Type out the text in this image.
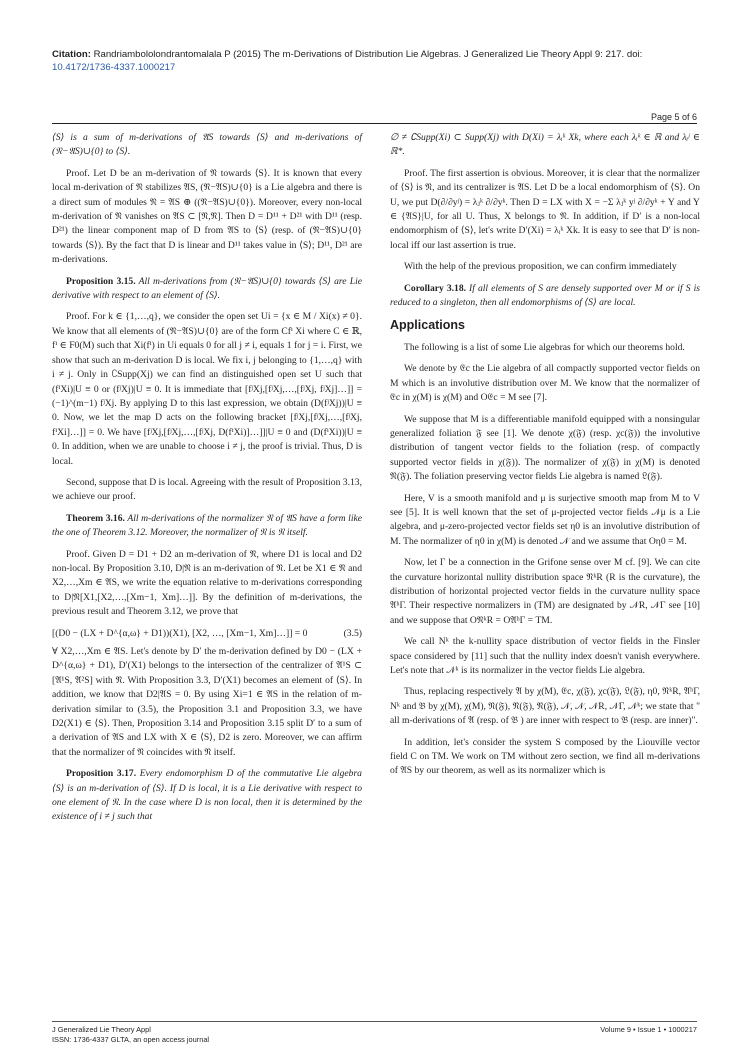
Citation: Randriambololondrantomalala P (2015) The m-Derivations of Distribution Lie Algebras. J Generalized Lie Theory Appl 9: 217. doi: 10.4172/1736-4337.1000217
Page 5 of 6

⟨S⟩ is a sum of m-derivations of 𝔄S towards ⟨S⟩ and m-derivations of (𝔑−𝔄S)∪{0} to ⟨S⟩.

Proof. Let D be an m-derivation of 𝔑 towards ⟨S⟩. It is known that every local m-derivation of 𝔑 stabilizes 𝔄S, (𝔑−𝔄S)∪{0} is a Lie algebra and there is a direct sum of modules 𝔑 = 𝔄S ⊕ ((𝔑−𝔄S)∪{0}). Moreover, every non-local m-derivation of 𝔑 vanishes on 𝔄S ⊂ [𝔑,𝔑]. Then D = D¹¹ + D²¹ with D¹¹ (resp. D²¹) the linear component map of D from 𝔄S to ⟨S⟩ (resp. of (𝔑−𝔄S)∪{0} towards ⟨S⟩). By the fact that D is linear and D¹¹ takes value in ⟨S⟩; D¹¹, D²¹ are m-derivations.

Proposition 3.15. All m-derivations from (𝔑−𝔄S)∪{0} towards ⟨S⟩ are Lie derivative with respect to an element of ⟨S⟩.

Proof. For k ∈ {1,…,q}, we consider the open set Ui = {x ∈ M / Xi(x) ≠ 0}. We know that all elements of (𝔑−𝔄S)∪{0} are of the form Cfⁱ Xi where C ∈ ℝ, fⁱ ∈ F0(M) such that Xi(fⁱ) in Ui equals 0 for all j ≠ i, equals 1 for j = i. First, we show that such an m-derivation D is local. We fix i, j belonging to {1,…,q} with i ≠ j. Only in ∁Supp(Xj) we can find an distinguished open set U such that (fⁱXi)|U ≡ 0 or (fʲXj)|U ≡ 0. It is immediate that [fʲXj,[fʲXj,…,[fʲXj, fʲXj]…]] = (−1)^(m−1) fʲXj. By applying D to this last expression, we obtain (D(fʲXj))|U ≡ 0. Now, we let the map D acts on the following bracket [fʲXj,[fʲXj,…,[fʲXj, fⁱXi]…]] = 0. We have [fʲXj,[fʲXj,…,[fʲXj, D(fⁱXi)]…]]|U ≡ 0 and (D(fⁱXi))|U ≡ 0. In addition, when we are unable to choose i ≠ j, the proof is trivial. Thus, D is local.

Second, suppose that D is local. Agreeing with the result of Proposition 3.13, we achieve our proof.

Theorem 3.16. All m-derivations of the normalizer 𝔑 of 𝔄S have a form like the one of Theorem 3.12. Moreover, the normalizer of 𝔑 is 𝔑 itself.

Proof. Given D = D1 + D2 an m-derivation of 𝔑, where D1 is local and D2 non-local. By Proposition 3.10, D|𝔑 is an m-derivation of 𝔑. Let be X1 ∈ 𝔑 and X2,…,Xm ∈ 𝔄S, we write the equation relative to m-derivations corresponding to D|𝔑[X1,[X2,…,[Xm−1, Xm]…]]. By the definition of m-derivations, the previous result and Theorem 3.12, we prove that

[(D0 − (LX + D^{α,ω} + D1))(X1), [X2, …, [Xm−1, Xm]…]] = 0	(3.5)

∀ X2,…,Xm ∈ 𝔄S. Let's denote by D′ the m-derivation defined by D0 − (LX + D^{α,ω} + D1), D′(X1) belongs to the intersection of the centralizer of 𝔄¹S ⊂ [𝔄¹S, 𝔄²S] with 𝔑. With Proposition 3.3, D′(X1) becomes an element of ⟨S⟩. In addition, we know that D2|𝔄S = 0. By using Xi=1 ∈ 𝔄S in the relation of m-derivation similar to (3.5), the Proposition 3.1 and Proposition 3.3, we have D2(X1) ∈ ⟨S⟩. Then, Proposition 3.14 and Proposition 3.15 split D′ to a sum of a derivation of 𝔄S and LX with X ∈ ⟨S⟩, D2 is zero. Moreover, we can affirm that the normalizer of 𝔑 coincides with 𝔑 itself.

Proposition 3.17. Every endomorphism D of the commutative Lie algebra ⟨S⟩ is an m-derivation of ⟨S⟩. If D is local, it is a Lie derivative with respect to one element of 𝔑. In the case where D is non local, then it is determined by the existence of i ≠ j such that

∅ ≠ ∁Supp(Xi) ⊂ Supp(Xj) with D(Xi) = λᵢᵏ Xk, where each λᵢᵏ ∈ ℝ and λᵢʲ ∈ ℝ*.

Proof. The first assertion is obvious. Moreover, it is clear that the normalizer of ⟨S⟩ is 𝔑, and its centralizer is 𝔄S. Let D be a local endomorphism of ⟨S⟩. On U, we put D(∂/∂yʲ) = λⱼᵏ ∂/∂yᵏ. Then D = LX with X = −Σ λⱼᵏ yʲ ∂/∂yᵏ + Y and Y ∈ {𝔄S}|U, for all U. Thus, X belongs to 𝔑. In addition, if D′ is a non-local endomorphism of ⟨S⟩, let's write D′(Xi) = λᵢᵏ Xk. It is easy to see that D′ is non-local iff our last assertion is true.

With the help of the previous proposition, we can confirm immediately

Corollary 3.18. If all elements of S are densely supported over M or if S is reduced to a singleton, then all endomorphisms of ⟨S⟩ are local.

Applications

The following is a list of some Lie algebras for which our theorems hold.

We denote by 𝔈c the Lie algebra of all compactly supported vector fields on M which is an involutive distribution over M. We know that the normalizer of 𝔈c in χ(M) is χ(M) and O𝔈c = M see [7].

We suppose that M is a differentiable manifold equipped with a nonsingular generalized foliation 𝔉 see [1]. We denote χ(𝔉) (resp. χc(𝔉)) the involutive distribution of tangent vector fields to the foliation (resp. of compactly supported vector fields in χ(𝔉)). The normalizer of χ(𝔉) in χ(M) is denoted 𝔑(𝔉). The foliation preserving vector fields Lie algebra is named 𝔏(𝔉).

Here, V is a smooth manifold and μ is surjective smooth map from M to V see [5]. It is well known that the set of μ-projected vector fields 𝒩μ is a Lie algebra, and μ-zero-projected vector fields set η0 is an involutive distribution of M. The normalizer of η0 in χ(M) is denoted 𝒩 and we assume that Oη0 = M.

Now, let Γ be a connection in the Grifone sense over M cf. [9]. We can cite the curvature horizontal nullity distribution space 𝔑ᵏR (R is the curvature), the distribution of horizontal projected vector fields in the curvature nullity space 𝔄ʰΓ. Their respective normalizers in (TM) are designated by 𝒩R, 𝒩Γ see [10] and we suppose that O𝔑ᵏR = O𝔄ʰΓ = TM.

We call Nᵏ the k-nullity space distribution of vector fields in the Finsler space considered by [11] such that the nullity index doesn't vanish everywhere. Let's note that 𝒩ᵏ is its normalizer in the vector fields Lie algebra.

Thus, replacing respectively 𝔄 by χ(M), 𝔈c, χ(𝔉), χc(𝔉), 𝔏(𝔉), η0, 𝔑ᵏR, 𝔄ʰΓ, Nᵏ and 𝔅 by χ(M), χ(M), 𝔑(𝔉), 𝔑(𝔉), 𝔑(𝔉), 𝒩, 𝒩, 𝒩R, 𝒩Γ, 𝒩ᵏ; we state that " all m-derivations of 𝔄 (resp. of 𝔅 ) are inner with respect to 𝔅 (resp. are inner)".

In addition, let's consider the system S composed by the Liouville vector field C on TM. We work on TM without zero section, we find all m-derivations of 𝔄S by our theorem, as well as its normalizer which is

J Generalized Lie Theory Appl
ISSN: 1736-4337 GLTA, an open access journal
Volume 9 • Issue 1 • 1000217
